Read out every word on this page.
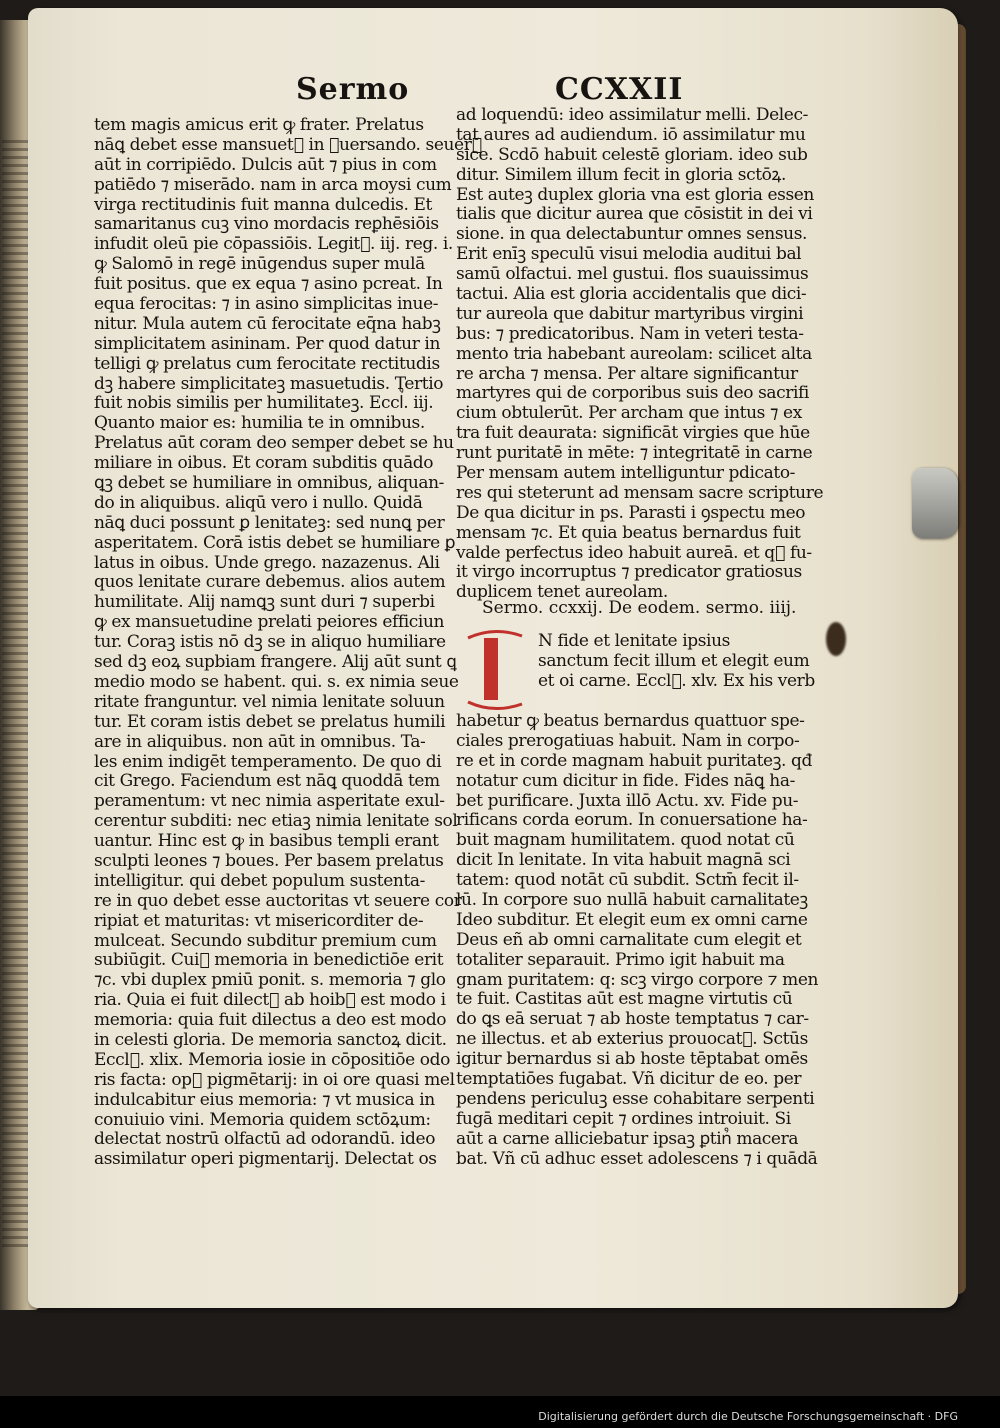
Sermo	CCXXII
tem magis amicus erit ꝙ frater. Prelatus
nāꝗ debet esse mansuet᷒ in ꝯuersando. seuer᷒
aūt in corripiēdo. Dulcis aūt ⁊ pius in com
patiēdo ⁊ miserādo. nam in arca moysi cum
virga rectitudinis fuit manna dulcedis. Et
samaritanus cuꝫ vino mordacis reꝑhēsiōis
infudit oleū pie cōpassiōis. Legit᷒. iij. reg. i.
ꝙ Salomō in regē inūgendus super mulā
fuit positus. que ex equa ⁊ asino pcreat. In
equa ferocitas: ⁊ in asino simplicitas inue-
nitur. Mula autem cū ferocitate eq̄na habꝫ
simplicitatem asininam. Per quod datur in
telligi ꝙ prelatus cum ferocitate rectitudis
dꝫ habere simplicitateꝫ masuetudis. Tertio
fuit nobis similis per humilitateꝫ. Eccl᷒. iij.
Quanto maior es: humilia te in omnibus.
Prelatus aūt coram deo semper debet se hu
miliare in oibus. Et coram subditis quādo
ꝗꝫ debet se humiliare in omnibus, aliquan-
do in aliquibus. aliqū vero i nullo. Quidā
nāꝗ duci possunt ꝑ lenitateꝫ: sed nunꝗ per
asperitatem. Corā istis debet se humiliare ꝑ
latus in oibus. Unde grego. nazazenus. Ali
quos lenitate curare debemus. alios autem
humilitate. Alij namꝗꝫ sunt duri ⁊ superbi
ꝙ ex mansuetudine prelati peiores efficiun
tur. Coraꝫ istis nō dꝫ se in aliquo humiliare
sed dꝫ eoꝝ supbiam frangere. Alij aūt sunt ꝗ
medio modo se habent. qui. s. ex nimia seue
ritate franguntur. vel nimia lenitate soluun
tur. Et coram istis debet se prelatus humili
are in aliquibus. non aūt in omnibus. Ta-
les enim indigēt temperamento. De quo di
cit Grego. Faciendum est nāꝗ quoddā tem
peramentum: vt nec nimia asperitate exul-
cerentur subditi: nec etiaꝫ nimia lenitate sol
uantur. Hinc est ꝙ in basibus templi erant
sculpti leones ⁊ boues. Per basem prelatus
intelligitur. qui debet populum sustenta-
re in quo debet esse auctoritas vt seuere cor
ripiat et maturitas: vt misericorditer de-
mulceat. Secundo subditur premium cum
subiūgit. Cui᷒ memoria in benedictiōe erit
⁊c. vbi duplex pmiū ponit. s. memoria ⁊ glo
ria. Quia ei fuit dilect᷒ ab hoib᷒ est modo i
memoria: quia fuit dilectus a deo est modo
in celesti gloria. De memoria sanctoꝝ dicit.
Eccl᷒. xlix. Memoria iosie in cōpositiōe odo
ris facta: op᷒ pigmētarij: in oi ore quasi mel
indulcabitur eius memoria: ⁊ vt musica in
conuiuio vini. Memoria quidem sctōꝝum:
delectat nostrū olfactū ad odorandū. ideo
assimilatur operi pigmentarij. Delectat os
ad loquendū: ideo assimilatur melli. Delec-
tat aures ad audiendum. iō assimilatur mu
sice. Scdō habuit celestē gloriam. ideo sub
ditur. Similem illum fecit in gloria sctōꝝ.
Est auteꝫ duplex gloria vna est gloria essen
tialis que dicitur aurea que cōsistit in dei vi
sione. in qua delectabuntur omnes sensus.
Erit enīꝫ speculū visui melodia auditui bal
samū olfactui. mel gustui. flos suauissimus
tactui. Alia est gloria accidentalis que dici-
tur aureola que dabitur martyribus virgini
bus: ⁊ predicatoribus. Nam in veteri testa-
mento tria habebant aureolam: scilicet alta
re archa ⁊ mensa. Per altare significantur
martyres qui de corporibus suis deo sacrifi
cium obtulerūt. Per archam que intus ⁊ ex
tra fuit deaurata: significāt virgies que hūe
runt puritatē in mēte: ⁊ integritatē in carne
Per mensam autem intelliguntur pdicato-
res qui steterunt ad mensam sacre scripture
De qua dicitur in ps. Parasti i ꝯspectu meo
mensam ⁊c. Et quia beatus bernardus fuit
valde perfectus ideo habuit aureā. et q᷒ fu-
it virgo incorruptus ⁊ predicator gratiosus
duplicem tenet aureolam.
Sermo. ccxxij. De eodem. sermo. iiij.
I
N fide et lenitate ipsius
sanctum fecit illum et elegit eum
et oi carne. Eccl᷒. xlv. Ex his verb
habetur ꝙ beatus bernardus quattuor spe-
ciales prerogatiuas habuit. Nam in corpo-
re et in corde magnam habuit puritateꝫ. qđ
notatur cum dicitur in fide. Fides nāꝗ ha-
bet purificare. Juxta illō Actu. xv. Fide pu-
rificans corda eorum. In conuersatione ha-
buit magnam humilitatem. quod notat cū
dicit In lenitate. In vita habuit magnā sci
tatem: quod notāt cū subdit. Sctm̄ fecit il-
lū. In corpore suo nullā habuit carnalitateꝫ
Ideo subditur. Et elegit eum ex omni carne
Deus eñ ab omni carnalitate cum elegit et
totaliter separauit. Primo igit habuit ma
gnam puritatem: q: scꝫ virgo corpore ⁊ men
te fuit. Castitas aūt est magne virtutis cū
do ꝗs eā seruat ⁊ ab hoste temptatus ⁊ car-
ne illectus. et ab exterius prouocat᷒. Sctūs
igitur bernardus si ab hoste tēptabat omēs
temptatiōes fugabat. Vñ dicitur de eo. per
pendens periculuꝫ esse cohabitare serpenti
fugā meditari cepit ⁊ ordines introiuit. Si
aūt a carne alliciebatur ipsaꝫ ꝑtin᷒ macera
bat. Vñ cū adhuc esset adolescens ⁊ i quādā
Digitalisierung gefördert durch die Deutsche Forschungsgemeinschaft · DFG
